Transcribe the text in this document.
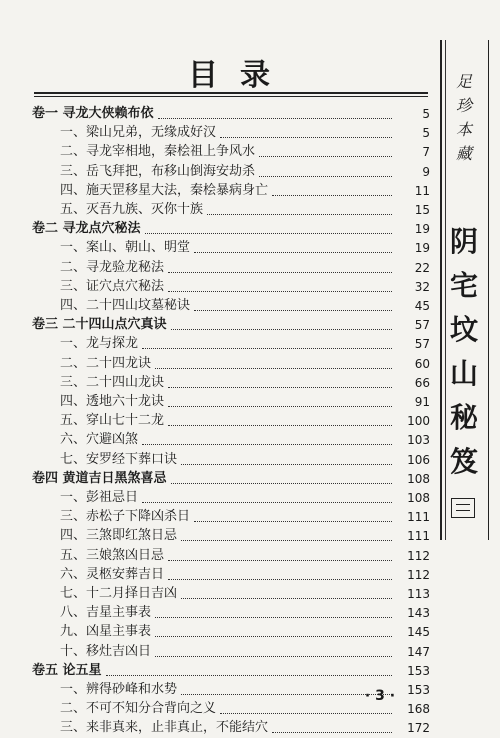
目录
卷一 寻龙大侠赖布依	5
一、梁山兄弟，无缘成好汉	5
二、寻龙宰相地，秦桧祖上争风水	7
三、岳飞拜把，布移山倒海安劫杀	9
四、施天罡移星大法，秦桧暴病身亡	11
五、灭吾九族、灭你十族	15
卷二 寻龙点穴秘法	19
一、案山、朝山、明堂	19
二、寻龙验龙秘法	22
三、证穴点穴秘法	32
四、二十四山坟墓秘诀	45
卷三 二十四山点穴真诀	57
一、龙与探龙	57
二、二十四龙诀	60
三、二十四山龙诀	66
四、透地六十龙诀	91
五、穿山七十二龙	100
六、穴避凶煞	103
七、安罗经下葬口诀	106
卷四 黄道吉日黑煞喜忌	108
一、彭祖忌日	108
三、赤松子下降凶杀日	111
四、三煞即红煞日忌	111
五、三娘煞凶日忌	112
六、灵柩安葬吉日	112
七、十二月择日吉凶	113
八、吉星主事表	143
九、凶星主事表	145
十、移灶吉凶日	147
卷五 论五星	153
一、辨得砂峰和水势	153
二、不可不知分合背向之义	168
三、来非真来，止非真止，不能结穴	172
足
珍
本
藏
阴
宅
坟
山
秘
笈
· 3 ·
